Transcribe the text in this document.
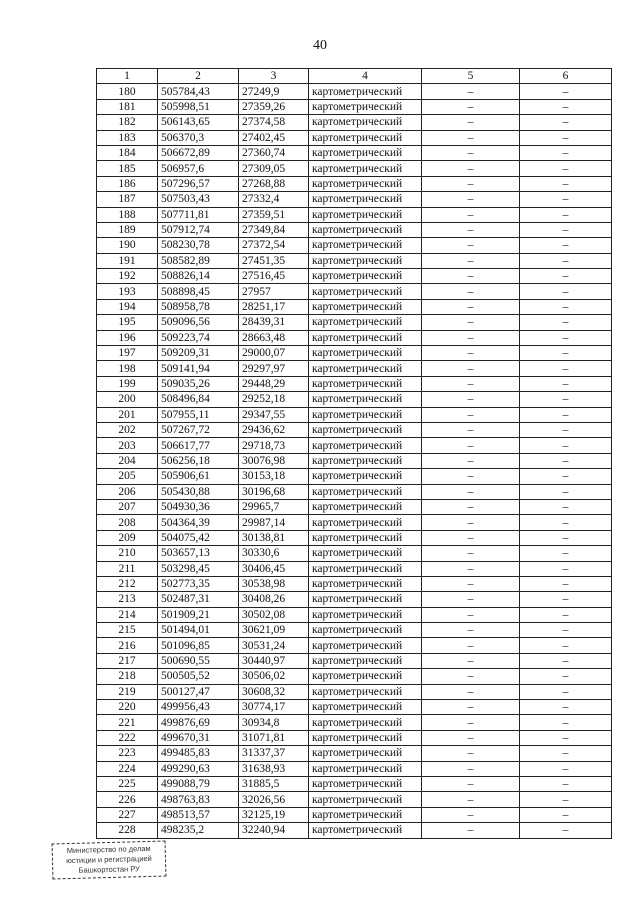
40
1	2	3	4	5	6
180	505784,43	27249,9	картометрический	–	–
181	505998,51	27359,26	картометрический	–	–
182	506143,65	27374,58	картометрический	–	–
183	506370,3	27402,45	картометрический	–	–
184	506672,89	27360,74	картометрический	–	–
185	506957,6	27309,05	картометрический	–	–
186	507296,57	27268,88	картометрический	–	–
187	507503,43	27332,4	картометрический	–	–
188	507711,81	27359,51	картометрический	–	–
189	507912,74	27349,84	картометрический	–	–
190	508230,78	27372,54	картометрический	–	–
191	508582,89	27451,35	картометрический	–	–
192	508826,14	27516,45	картометрический	–	–
193	508898,45	27957	картометрический	–	–
194	508958,78	28251,17	картометрический	–	–
195	509096,56	28439,31	картометрический	–	–
196	509223,74	28663,48	картометрический	–	–
197	509209,31	29000,07	картометрический	–	–
198	509141,94	29297,97	картометрический	–	–
199	509035,26	29448,29	картометрический	–	–
200	508496,84	29252,18	картометрический	–	–
201	507955,11	29347,55	картометрический	–	–
202	507267,72	29436,62	картометрический	–	–
203	506617,77	29718,73	картометрический	–	–
204	506256,18	30076,98	картометрический	–	–
205	505906,61	30153,18	картометрический	–	–
206	505430,88	30196,68	картометрический	–	–
207	504930,36	29965,7	картометрический	–	–
208	504364,39	29987,14	картометрический	–	–
209	504075,42	30138,81	картометрический	–	–
210	503657,13	30330,6	картометрический	–	–
211	503298,45	30406,45	картометрический	–	–
212	502773,35	30538,98	картометрический	–	–
213	502487,31	30408,26	картометрический	–	–
214	501909,21	30502,08	картометрический	–	–
215	501494,01	30621,09	картометрический	–	–
216	501096,85	30531,24	картометрический	–	–
217	500690,55	30440,97	картометрический	–	–
218	500505,52	30506,02	картометрический	–	–
219	500127,47	30608,32	картометрический	–	–
220	499956,43	30774,17	картометрический	–	–
221	499876,69	30934,8	картометрический	–	–
222	499670,31	31071,81	картометрический	–	–
223	499485,83	31337,37	картометрический	–	–
224	499290,63	31638,93	картометрический	–	–
225	499088,79	31885,5	картометрический	–	–
226	498763,83	32026,56	картометрический	–	–
227	498513,57	32125,19	картометрический	–	–
228	498235,2	32240,94	картометрический	–	–
Министерство по делам
юстиции и регистрацией
Башкортостан РУ
